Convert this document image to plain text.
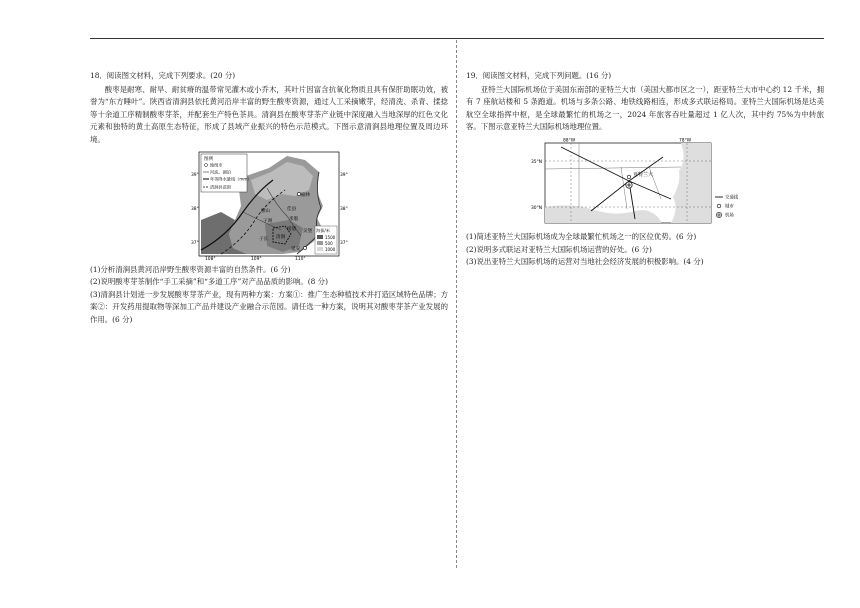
18．阅读图文材料，完成下列要求。(20 分)

酸枣是耐寒、耐旱、耐贫瘠的温带常见灌木或小乔木，其叶片因富含抗氧化物质且具有保肝助眠功效，被誉为“东方睡叶”。陕西省清涧县依托黄河沿岸丰富的野生酸枣资源，通过人工采摘嫩芽，经清洗、杀青、揉捻等十余道工序精制酸枣芽茶，并配套生产特色茶具。清涧县在酸枣芽茶产业链中深度融入当地深厚的红色文化元素和独特的黄土高原生态特征，形成了县域产业振兴的特色示范模式。下图示意清涧县地理位置及周边环境。

图例
地级市
河流、湖泊
年等降水量线（mm）
清涧县范围
39°
38°
37°
39°
38°
37°
108°	109°	110°
榆林
横山	佳县
米脂
子洲
绥德 吴堡
清涧
子长
延安
海拔/米
1500
500
1000

(1)分析清涧县黄河沿岸野生酸枣资源丰富的自然条件。(6 分)

(2)说明酸枣芽茶制作“手工采摘”和“多道工序”对产品品质的影响。(8 分)

(3)清涧县计划进一步发展酸枣芽茶产业，现有两种方案：方案①：推广生态种植技术并打造区域特色品牌；方案②：开发药用提取物等深加工产品并建设产业融合示范园。请任选一种方案，说明其对酸枣芽茶产业发展的作用。(6 分)

19．阅读图文材料，完成下列问题。(16 分)

亚特兰大国际机场位于美国东南部的亚特兰大市（美国大都市区之一），距亚特兰大市中心约 12 千米，拥有 7 座航站楼和 5 条跑道。机场与多条公路、地铁线路相连，形成多式联运格局。亚特兰大国际机场是达美航空全球指挥中枢，是全球最繁忙的机场之一，2024 年旅客吞吐量超过 1 亿人次，其中约 75%为中转旅客。下图示意亚特兰大国际机场地理位置。

亚特兰大
88°W	78°W
35°N
30°N
交通线
城市
机场

(1)简述亚特兰大国际机场成为全球最繁忙机场之一的区位优势。(6 分)

(2)说明多式联运对亚特兰大国际机场运营的好处。(6 分)

(3)说出亚特兰大国际机场的运营对当地社会经济发展的积极影响。(4 分)
